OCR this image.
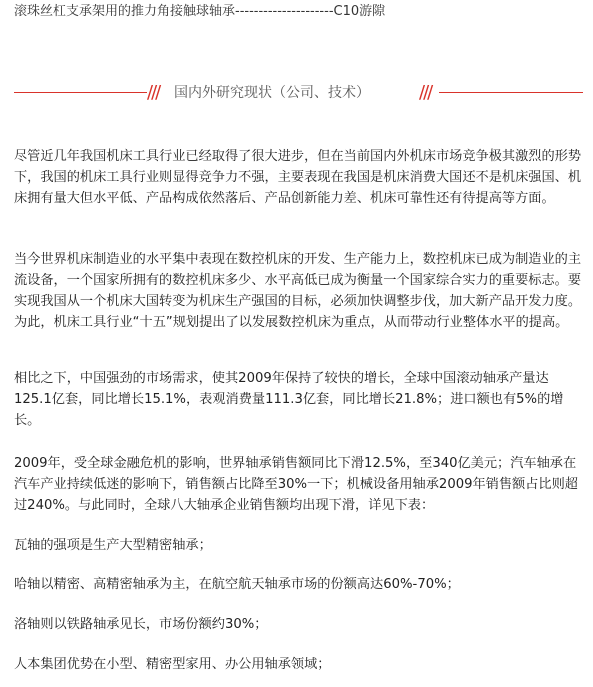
滚珠丝杠支承架用的推力角接触球轴承---------------------C10游隙
/// 国内外研究现状（公司、技术）	///

尽管近几年我国机床工具行业已经取得了很大进步，但在当前国内外机床市场竞争极其激烈的形势下，我国的机床工具行业则显得竞争力不强，主要表现在我国是机床消费大国还不是机床强国、机床拥有量大但水平低、产品构成依然落后、产品创新能力差、机床可靠性还有待提高等方面。

当今世界机床制造业的水平集中表现在数控机床的开发、生产能力上，数控机床已成为制造业的主流设备，一个国家所拥有的数控机床多少、水平高低已成为衡量一个国家综合实力的重要标志。要实现我国从一个机床大国转变为机床生产强国的目标，必须加快调整步伐，加大新产品开发力度。为此，机床工具行业“十五”规划提出了以发展数控机床为重点，从而带动行业整体水平的提高。

相比之下，中国强劲的市场需求，使其2009年保持了较快的增长，全球中国滚动轴承产量达125.1亿套，同比增长15.1%，表观消费量111.3亿套，同比增长21.8%；进口额也有5%的增长。

2009年，受全球金融危机的影响，世界轴承销售额同比下滑12.5%，至340亿美元；汽车轴承在汽车产业持续低迷的影响下，销售额占比降至30%一下；机械设备用轴承2009年销售额占比则超过240%。与此同时，全球八大轴承企业销售额均出现下滑，详见下表：

瓦轴的强项是生产大型精密轴承；

哈轴以精密、高精密轴承为主，在航空航天轴承市场的份额高达60%-70%；

洛轴则以铁路轴承见长，市场份额约30%；

人本集团优势在小型、精密型家用、办公用轴承领域；
